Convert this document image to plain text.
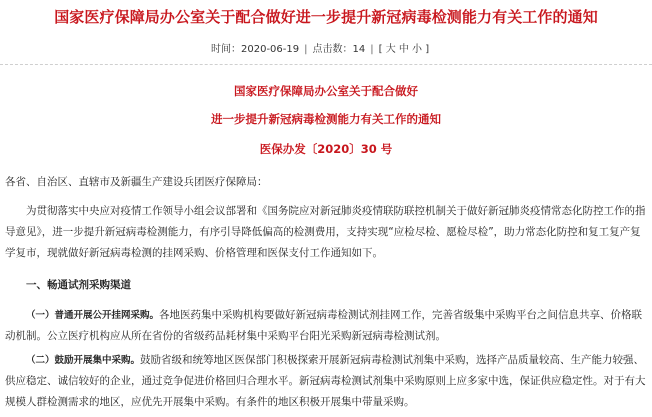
国家医疗保障局办公室关于配合做好进一步提升新冠病毒检测能力有关工作的通知
时间：2020-06-19 | 点击数：14 | [ 大 中 小 ]
国家医疗保障局办公室关于配合做好
进一步提升新冠病毒检测能力有关工作的通知
医保办发〔2020〕30 号
各省、自治区、直辖市及新疆生产建设兵团医疗保障局：
为贯彻落实中央应对疫情工作领导小组会议部署和《国务院应对新冠肺炎疫情联防联控机制关于做好新冠肺炎疫情常态化防控工作的指导意见》，进一步提升新冠病毒检测能力，有序引导降低偏高的检测费用，支持实现“应检尽检、愿检尽检”，助力常态化防控和复工复产复学复市，现就做好新冠病毒检测的挂网采购、价格管理和医保支付工作通知如下。
一、畅通试剂采购渠道
（一）普通开展公开挂网采购。各地医药集中采购机构要做好新冠病毒检测试剂挂网工作，完善省级集中采购平台之间信息共享、价格联动机制。公立医疗机构应从所在省份的省级药品耗材集中采购平台阳光采购新冠病毒检测试剂。
（二）鼓励开展集中采购。鼓励省级和统筹地区医保部门积极探索开展新冠病毒检测试剂集中采购，选择产品质量较高、生产能力较强、供应稳定、诚信较好的企业，通过竞争促进价格回归合理水平。新冠病毒检测试剂集中采购原则上应多家中选，保证供应稳定性。对于有大规模人群检测需求的地区，应优先开展集中采购。有条件的地区积极开展集中带量采购。
